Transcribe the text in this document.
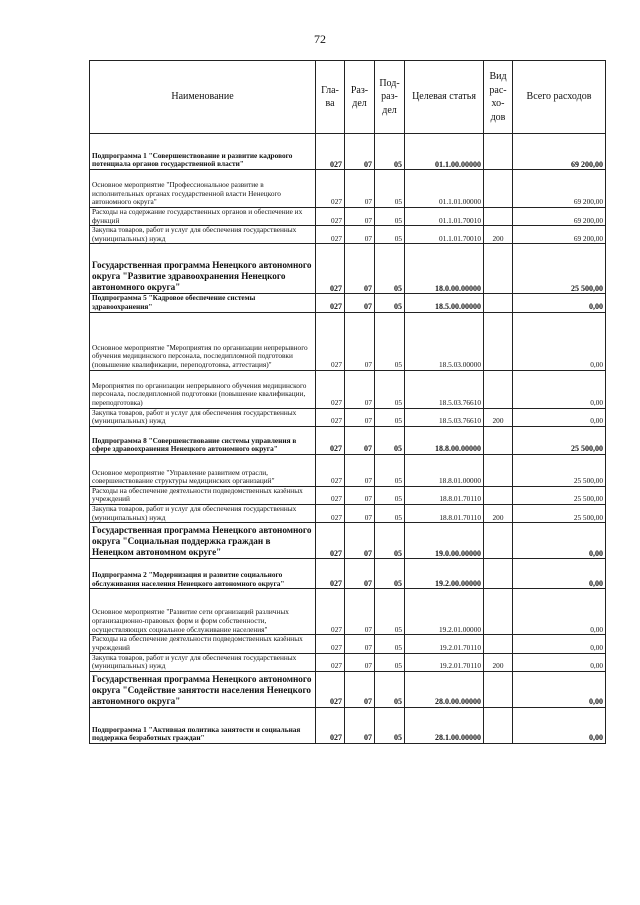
72
Наименование	Гла- ва	Раз- дел	Под- раз- дел	Целевая статья	Вид рас- хо- дов	Всего расходов
Подпрограмма 1 "Совершенствование и развитие кадрового потенциала органов государственной власти"	027	07	05	01.1.00.00000		69 200,00
Основное мероприятие "Профессиональное развитие в исполнительных органах государственной власти Ненецкого автономного округа"	027	07	05	01.1.01.00000		69 200,00
Расходы на содержание государственных органов и обеспечение их функций	027	07	05	01.1.01.70010		69 200,00
Закупка товаров, работ и услуг для обеспечения государственных (муниципальных) нужд	027	07	05	01.1.01.70010	200	69 200,00
Государственная программа Ненецкого автономного округа "Развитие здравоохранения Ненецкого автономного округа"	027	07	05	18.0.00.00000		25 500,00
Подпрограмма 5 "Кадровое обеспечение системы здравоохранения"	027	07	05	18.5.00.00000		0,00
Основное мероприятие "Мероприятия по организации непрерывного обучения медицинского персонала, последипломной подготовки (повышение квалификации, переподготовка, аттестация)"	027	07	05	18.5.03.00000		0,00
Мероприятия по организации непрерывного обучения медицинского персонала, последипломной подготовки (повышение квалификации, переподготовка)	027	07	05	18.5.03.76610		0,00
Закупка товаров, работ и услуг для обеспечения государственных (муниципальных) нужд	027	07	05	18.5.03.76610	200	0,00
Подпрограмма 8 "Совершенствование системы управления в сфере здравоохранения Ненецкого автономного округа"	027	07	05	18.8.00.00000		25 500,00
Основное мероприятие "Управление развитием отрасли, совершенствование структуры медицинских организаций"	027	07	05	18.8.01.00000		25 500,00
Расходы на обеспечение деятельности подведомственных казённых учреждений	027	07	05	18.8.01.70110		25 500,00
Закупка товаров, работ и услуг для обеспечения государственных (муниципальных) нужд	027	07	05	18.8.01.70110	200	25 500,00
Государственная программа Ненецкого автономного округа "Социальная поддержка граждан в Ненецком автономном округе"	027	07	05	19.0.00.00000		0,00
Подпрограмма 2 "Модернизация и развитие социального обслуживания населения Ненецкого автономного округа"	027	07	05	19.2.00.00000		0,00
Основное мероприятие "Развитие сети организаций различных организационно-правовых форм и форм собственности, осуществляющих социальное обслуживание населения"	027	07	05	19.2.01.00000		0,00
Расходы на обеспечение деятельности подведомственных казённых учреждений	027	07	05	19.2.01.70110		0,00
Закупка товаров, работ и услуг для обеспечения государственных (муниципальных) нужд	027	07	05	19.2.01.70110	200	0,00
Государственная программа Ненецкого автономного округа "Содействие занятости населения Ненецкого автономного округа"	027	07	05	28.0.00.00000		0,00
Подпрограмма 1 "Активная политика занятости и социальная поддержка безработных граждан"	027	07	05	28.1.00.00000		0,00
